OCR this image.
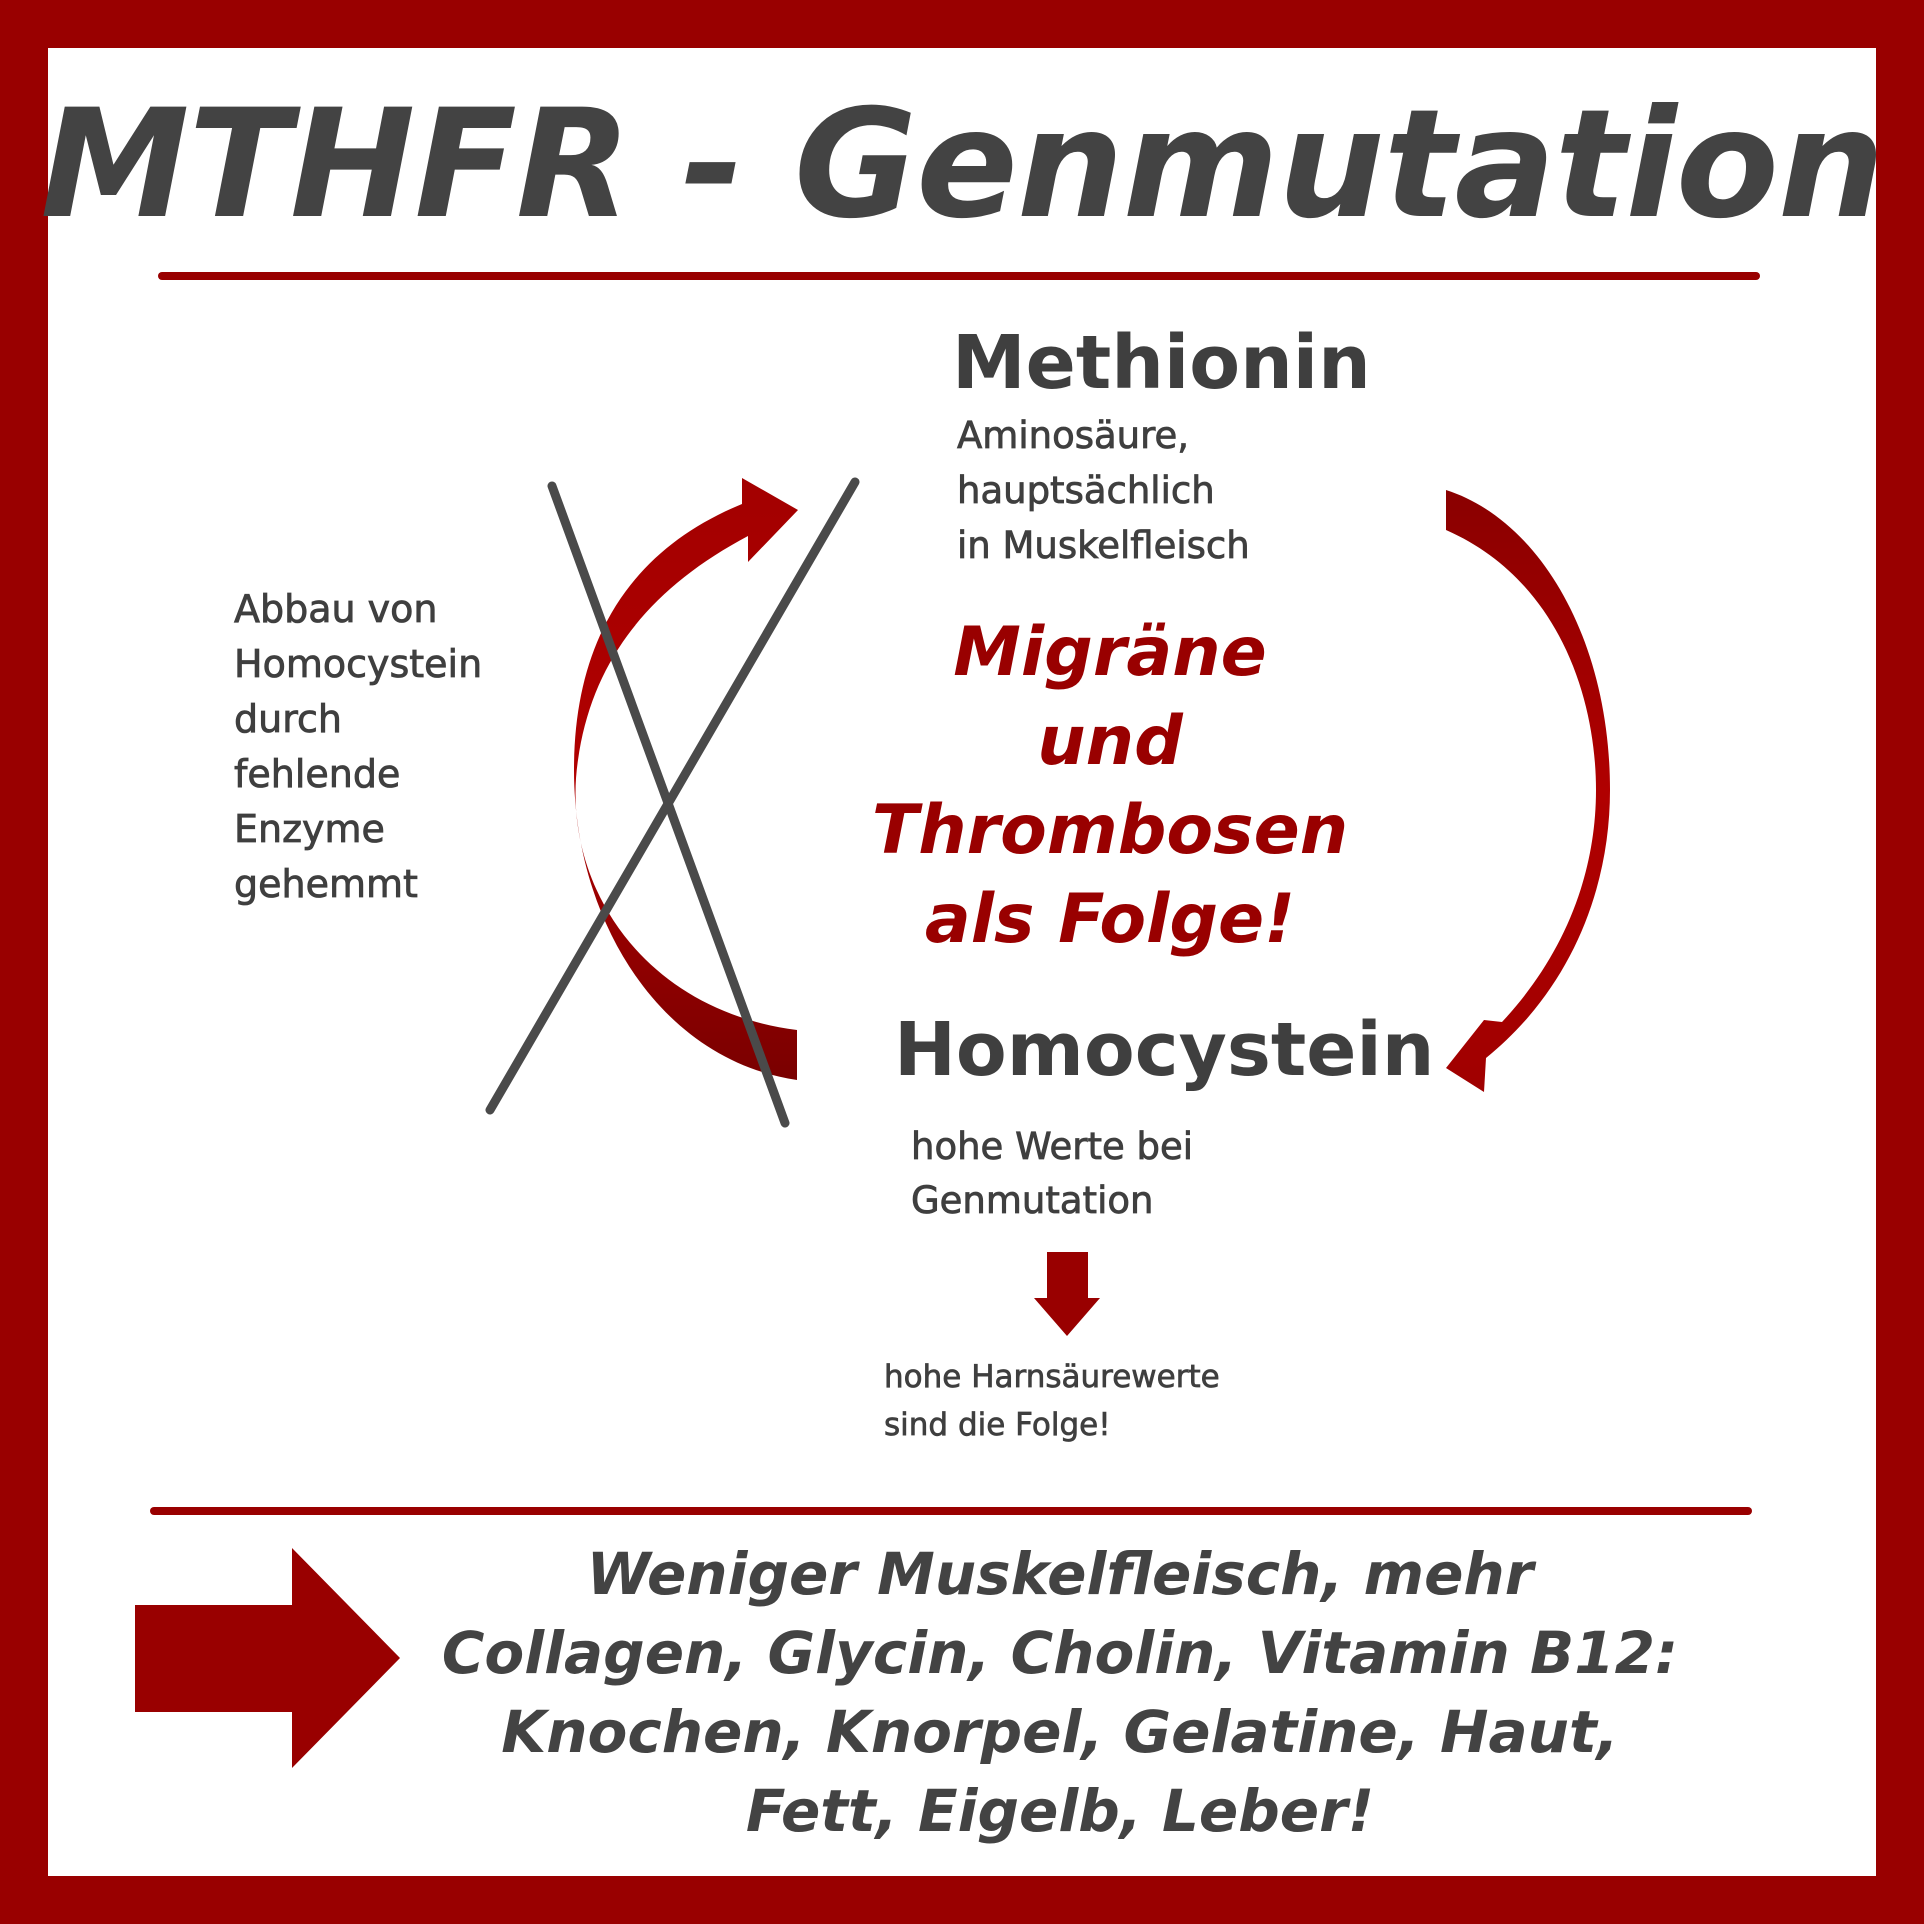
MTHFR - Genmutation
Methionin
Aminosäure,
hauptsächlich
in Muskelfleisch
Abbau von
Homocystein
durch
fehlende
Enzyme
gehemmt
Migräne
und
Thrombosen
als Folge!
Homocystein
hohe Werte bei
Genmutation
hohe Harnsäurewerte
sind die Folge!
Weniger Muskelfleisch, mehr
Collagen, Glycin, Cholin, Vitamin B12:
Knochen, Knorpel, Gelatine, Haut,
Fett, Eigelb, Leber!
